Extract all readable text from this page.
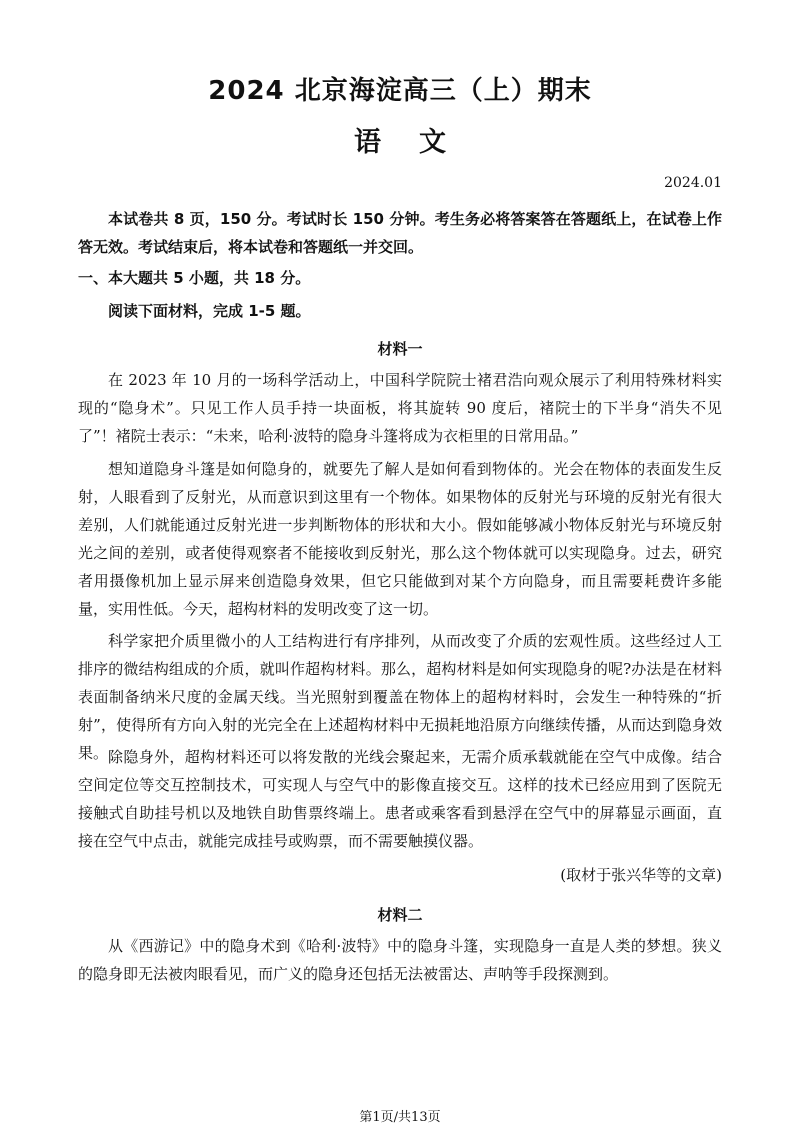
2024 北京海淀高三（上）期末
语文
2024.01

本试卷共 8 页，150 分。考试时长 150 分钟。考生务必将答案答在答题纸上，在试卷上作答无效。考试结束后，将本试卷和答题纸一并交回。

一、本大题共 5 小题，共 18 分。

阅读下面材料，完成 1-5 题。

材料一

在 2023 年 10 月的一场科学活动上，中国科学院院士褚君浩向观众展示了利用特殊材料实现的“隐身术”。只见工作人员手持一块面板，将其旋转 90 度后，褚院士的下半身“消失不见了”！褚院士表示：“未来，哈利·波特的隐身斗篷将成为衣柜里的日常用品。”

想知道隐身斗篷是如何隐身的，就要先了解人是如何看到物体的。光会在物体的表面发生反射，人眼看到了反射光，从而意识到这里有一个物体。如果物体的反射光与环境的反射光有很大差别，人们就能通过反射光进一步判断物体的形状和大小。假如能够减小物体反射光与环境反射光之间的差别，或者使得观察者不能接收到反射光，那么这个物体就可以实现隐身。过去，研究者用摄像机加上显示屏来创造隐身效果，但它只能做到对某个方向隐身，而且需要耗费许多能量，实用性低。今天，超构材料的发明改变了这一切。

科学家把介质里微小的人工结构进行有序排列，从而改变了介质的宏观性质。这些经过人工排序的微结构组成的介质，就叫作超构材料。那么，超构材料是如何实现隐身的呢?办法是在材料表面制备纳米尺度的金属天线。当光照射到覆盖在物体上的超构材料时，会发生一种特殊的“折射”，使得所有方向入射的光完全在上述超构材料中无损耗地沿原方向继续传播，从而达到隐身效果。 除隐身外，超构材料还可以将发散的光线会聚起来，无需介质承载就能在空气中成像。结合空间定位等交互控制技术，可实现人与空气中的影像直接交互。这样的技术已经应用到了医院无接触式自助挂号机以及地铁自助售票终端上。患者或乘客看到悬浮在空气中的屏幕显示画面，直接在空气中点击，就能完成挂号或购票，而不需要触摸仪器。

(取材于张兴华等的文章)
材料二

从《西游记》中的隐身术到《哈利·波特》中的隐身斗篷，实现隐身一直是人类的梦想。狭义的隐身即无法被肉眼看见，而广义的隐身还包括无法被雷达、声呐等手段探测到。

第1页/共13页
